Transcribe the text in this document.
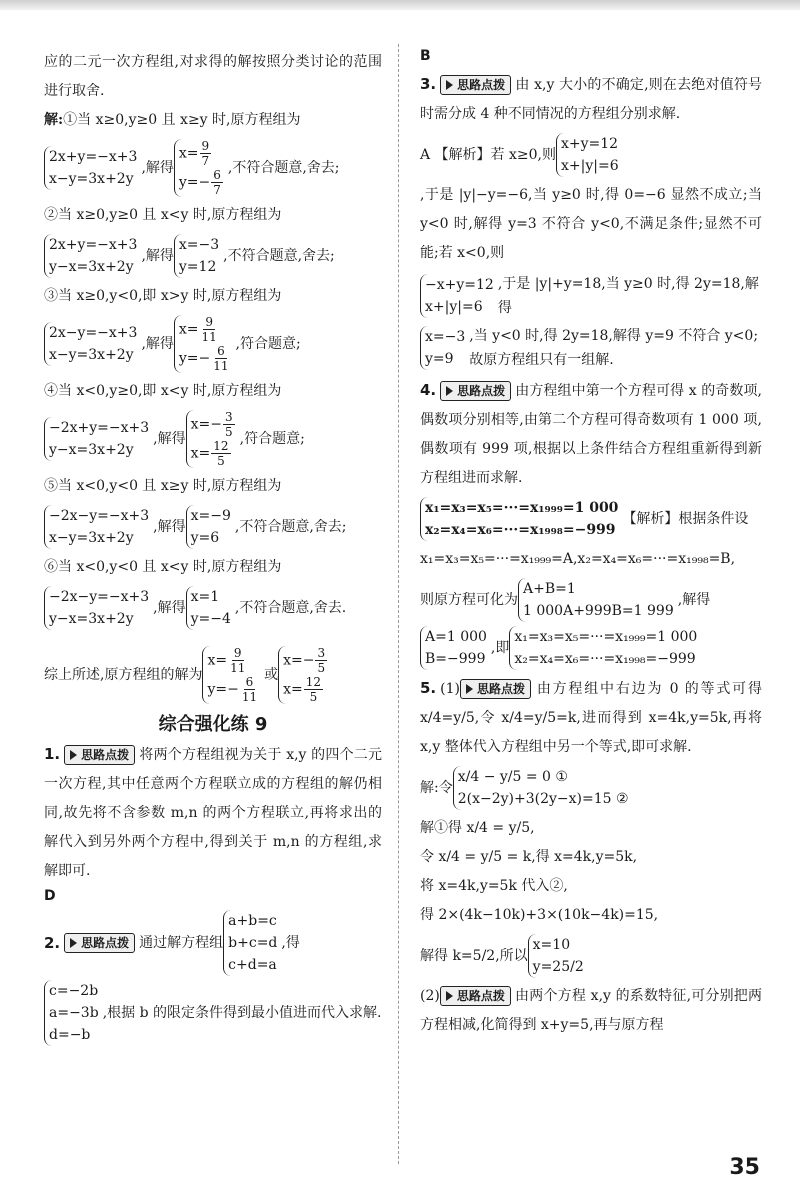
应的二元一次方程组,对求得的解按照分类讨论的范围进行取舍.

解:①当 x≥0,y≥0 且 x≥y 时,原方程组为

2x+y=−x+3
x−y=3x+2y
,解得
$x= \frac{9}{7}$
$y=- \frac{6}{7}$ ,不符合题意,舍去;

②当 x≥0,y≥0 且 x<y 时,原方程组为

2x+y=−x+3
y−x=3x+2y
,解得
x=−3
y=12
,不符合题意,舍去;

③当 x≥0,y<0,即 x>y 时,原方程组为

2x−y=−x+3
x−y=3x+2y
,解得
$x= \frac{9}{11}$
$y=- \frac{6}{11}$ ,符合题意;

④当 x<0,y≥0,即 x<y 时,原方程组为

−2x+y=−x+3
y−x=3x+2y
,解得
$x=- \frac{3}{5}$
$x= \frac{12}{5}$ ,符合题意;

⑤当 x<0,y<0 且 x≥y 时,原方程组为

−2x−y=−x+3
x−y=3x+2y
,解得
x=−9
y=6
,不符合题意,舍去;

⑥当 x<0,y<0 且 x<y 时,原方程组为

−2x−y=−x+3
y−x=3x+2y
,解得
x=1
y=−4
,不符合题意,舍去.
综上所述,原方程组的解为
$x= \frac{9}{11}$
$y=- \frac{6}{11}$ 或
$x=- \frac{3}{5}$
$x= \frac{12}{5}$
综合强化练 9

1. 思路点拨 将两个方程组视为关于 x,y 的四个二元一次方程,其中任意两个方程联立成的方程组的解仍相同,故先将不含参数 m,n 的两个方程联立,再将求出的解代入到另外两个方程中,得到关于 m,n 的方程组,求解即可.

D
2. 思路点拨 通过解方程组
a+b=c
b+c=d
c+d=a
,得
c=−2b
a=−3b
d=−b
,根据 b 的限定条件得到最小值进而代入求解.
B

3. 思路点拨 由 x,y 大小的不确定,则在去绝对值符号时需分成 4 种不同情况的方程组分别求解.

A 【解析】若 x≥0,则
x+y=12
x+|y|=6

,于是 |y|−y=−6,当 y≥0 时,得 0=−6 显然不成立;当 y<0 时,解得 y=3 不符合 y<0,不满足条件;显然不可能;若 x<0,则

−x+y=12
x+|y|=6
,于是 |y|+y=18,当 y≥0 时,得 2y=18,解得
x=−3
y=9
,当 y<0 时,得 2y=18,解得 y=9 不符合 y<0;故原方程组只有一组解.

4. 思路点拨 由方程组中第一个方程可得 x 的奇数项,偶数项分别相等,由第二个方程可得奇数项有 1 000 项,偶数项有 999 项,根据以上条件结合方程组重新得到新方程组进而求解.

x₁=x₃=x₅=···=x₁₉₉₉=1 000
x₂=x₄=x₆=···=x₁₉₉₈=−999
【解析】根据条件设

x₁=x₃=x₅=···=x₁₉₉₉=A,x₂=x₄=x₆=···=x₁₉₉₈=B,

则原方程可化为
A+B=1
1 000A+999B=1 999
,解得
A=1 000
B=−999
,即
x₁=x₃=x₅=···=x₁₉₉₉=1 000
x₂=x₄=x₆=···=x₁₉₉₈=−999

5. (1) 思路点拨 由方程组中右边为 0 的等式可得 x/4=y/5,令 x/4=y/5=k,进而得到 x=4k,y=5k,再将 x,y 整体代入方程组中另一个等式,即可求解.

解:令
x/4 − y/5 = 0 ①
2(x−2y)+3(2y−x)=15 ②

解①得 x/4 = y/5,

令 x/4 = y/5 = k,得 x=4k,y=5k,

将 x=4k,y=5k 代入②,

得 2×(4k−10k)+3×(10k−4k)=15,

解得 k=5/2,所以
x=10
y=25/2

(2) 思路点拨 由两个方程 x,y 的系数特征,可分别把两方程相减,化简得到 x+y=5,再与原方程

35
